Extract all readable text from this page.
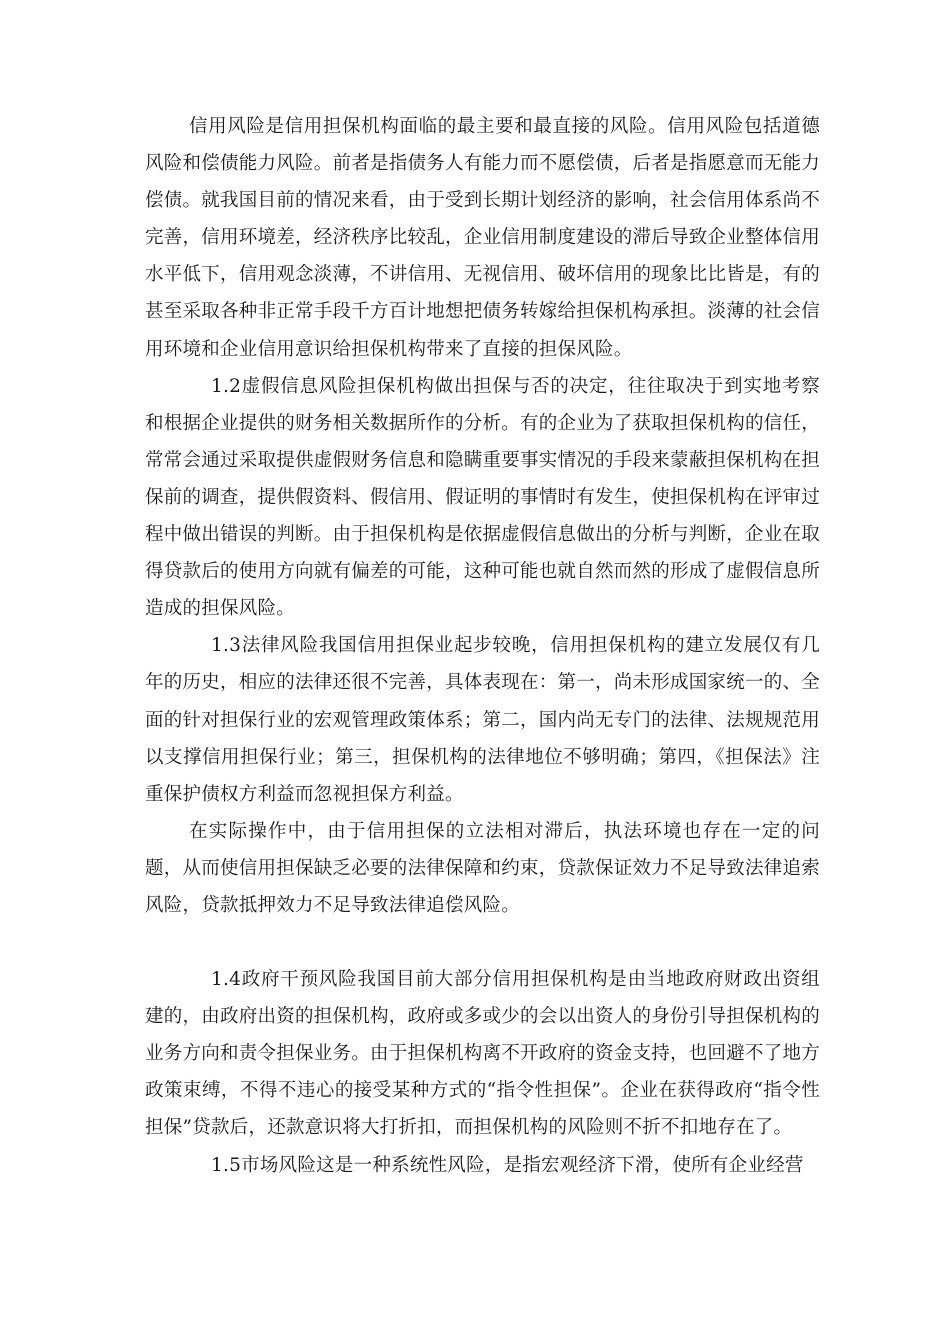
信用风险是信用担保机构面临的最主要和最直接的风险。信用风险包括道德风险和偿债能力风险。前者是指债务人有能力而不愿偿债，后者是指愿意而无能力偿债。就我国目前的情况来看，由于受到长期计划经济的影响，社会信用体系尚不完善，信用环境差，经济秩序比较乱，企业信用制度建设的滞后导致企业整体信用水平低下，信用观念淡薄，不讲信用、无视信用、破坏信用的现象比比皆是，有的甚至采取各种非正常手段千方百计地想把债务转嫁给担保机构承担。淡薄的社会信用环境和企业信用意识给担保机构带来了直接的担保风险。

1.2虚假信息风险担保机构做出担保与否的决定，往往取决于到实地考察和根据企业提供的财务相关数据所作的分析。有的企业为了获取担保机构的信任，常常会通过采取提供虚假财务信息和隐瞒重要事实情况的手段来蒙蔽担保机构在担保前的调查，提供假资料、假信用、假证明的事情时有发生，使担保机构在评审过程中做出错误的判断。由于担保机构是依据虚假信息做出的分析与判断，企业在取得贷款后的使用方向就有偏差的可能，这种可能也就自然而然的形成了虚假信息所造成的担保风险。

1.3法律风险我国信用担保业起步较晚，信用担保机构的建立发展仅有几年的历史，相应的法律还很不完善，具体表现在：第一，尚未形成国家统一的、全面的针对担保行业的宏观管理政策体系；第二，国内尚无专门的法律、法规规范用以支撑信用担保行业；第三，担保机构的法律地位不够明确；第四，《担保法》注重保护债权方利益而忽视担保方利益。

在实际操作中，由于信用担保的立法相对滞后，执法环境也存在一定的问题，从而使信用担保缺乏必要的法律保障和约束，贷款保证效力不足导致法律追索风险，贷款抵押效力不足导致法律追偿风险。

1.4政府干预风险我国目前大部分信用担保机构是由当地政府财政出资组建的，由政府出资的担保机构，政府或多或少的会以出资人的身份引导担保机构的业务方向和责令担保业务。由于担保机构离不开政府的资金支持，也回避不了地方政策束缚，不得不违心的接受某种方式的“指令性担保”。企业在获得政府“指令性担保”贷款后，还款意识将大打折扣，而担保机构的风险则不折不扣地存在了。

1.5市场风险这是一种系统性风险，是指宏观经济下滑，使所有企业经营
